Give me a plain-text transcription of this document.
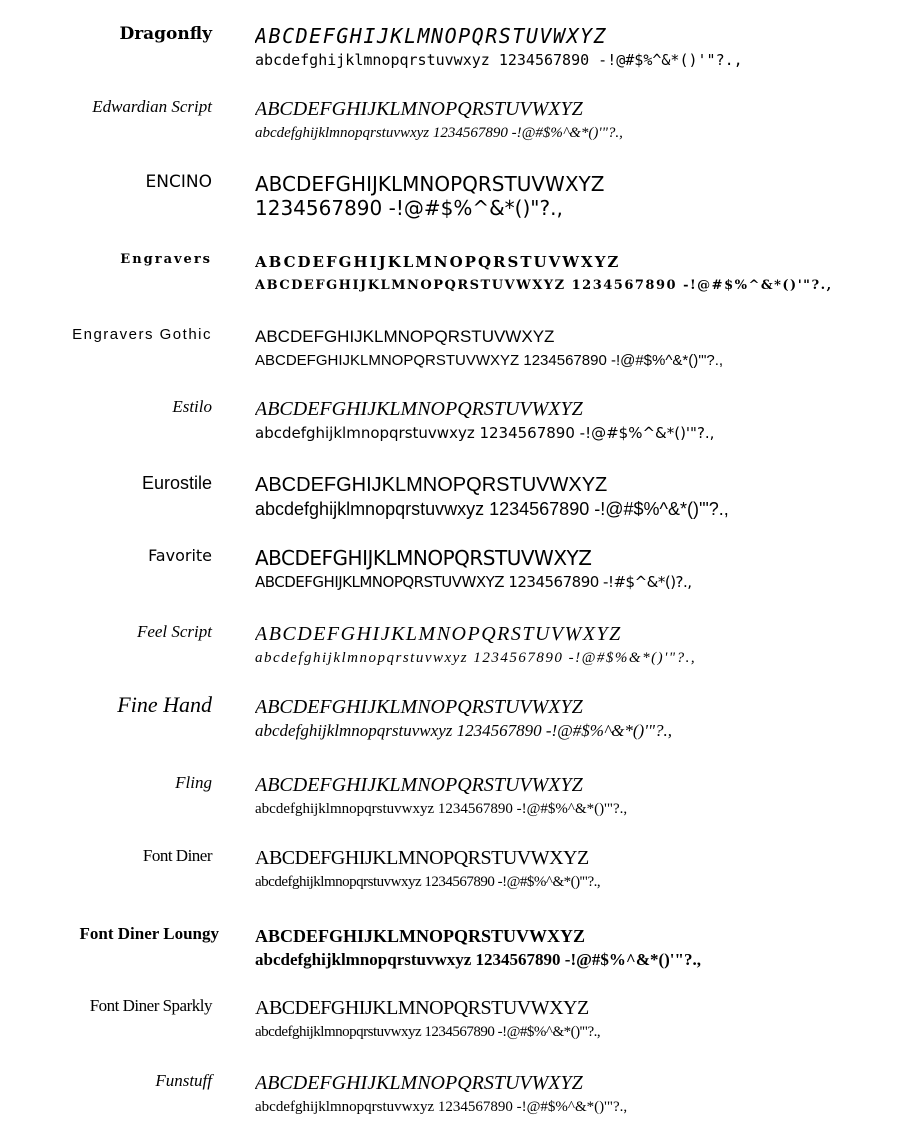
Dragonfly ABCDEFGHIJKLMNOPQRSTUVWXYZ
abcdefghijklmnopqrstuvwxyz 1234567890 -!@#$%^&*()'"?.,
Edwardian Script ABCDEFGHIJKLMNOPQRSTUVWXYZ
abcdefghijklmnopqrstuvwxyz 1234567890 -!@#$%^&*()'"?.,
ENCINO ABCDEFGHIJKLMNOPQRSTUVWXYZ
1234567890 -!@#$%^&*()"?.,
Engravers	ABCDEFGHIJKLMNOPQRSTUVWXYZ
ABCDEFGHIJKLMNOPQRSTUVWXYZ 1234567890 -!@#$%^&*()'"?.,
Engravers Gothic	ABCDEFGHIJKLMNOPQRSTUVWXYZ
ABCDEFGHIJKLMNOPQRSTUVWXYZ 1234567890 -!@#$%^&*()'"?.,
Estilo ABCDEFGHIJKLMNOPQRSTUVWXYZ
abcdefghijklmnopqrstuvwxyz 1234567890 -!@#$%^&*()'"?.,
Eurostile ABCDEFGHIJKLMNOPQRSTUVWXYZ
abcdefghijklmnopqrstuvwxyz 1234567890 -!@#$%^&*()'"?.,
Favorite ABCDEFGHIJKLMNOPQRSTUVWXYZ
ABCDEFGHIJKLMNOPQRSTUVWXYZ 1234567890 -!#$^&*()?.,
Feel Script ABCDEFGHIJKLMNOPQRSTUVWXYZ
abcdefghijklmnopqrstuvwxyz 1234567890 -!@#$%&*()'"?.,
Fine Hand ABCDEFGHIJKLMNOPQRSTUVWXYZ
abcdefghijklmnopqrstuvwxyz 1234567890 -!@#$%^&*()'"?.,
Fling ABCDEFGHIJKLMNOPQRSTUVWXYZ
abcdefghijklmnopqrstuvwxyz 1234567890 -!@#$%^&*()'"?.,
Font Diner ABCDEFGHIJKLMNOPQRSTUVWXYZ
abcdefghijklmnopqrstuvwxyz 1234567890 -!@#$%^&*()'"?.,
Font Diner Loungy ABCDEFGHIJKLMNOPQRSTUVWXYZ
abcdefghijklmnopqrstuvwxyz 1234567890 -!@#$%^&*()'"?.,
Font Diner Sparkly ABCDEFGHIJKLMNOPQRSTUVWXYZ
abcdefghijklmnopqrstuvwxyz 1234567890 -!@#$%^&*()'"?.,
Funstuff ABCDEFGHIJKLMNOPQRSTUVWXYZ
abcdefghijklmnopqrstuvwxyz 1234567890 -!@#$%^&*()'"?.,
